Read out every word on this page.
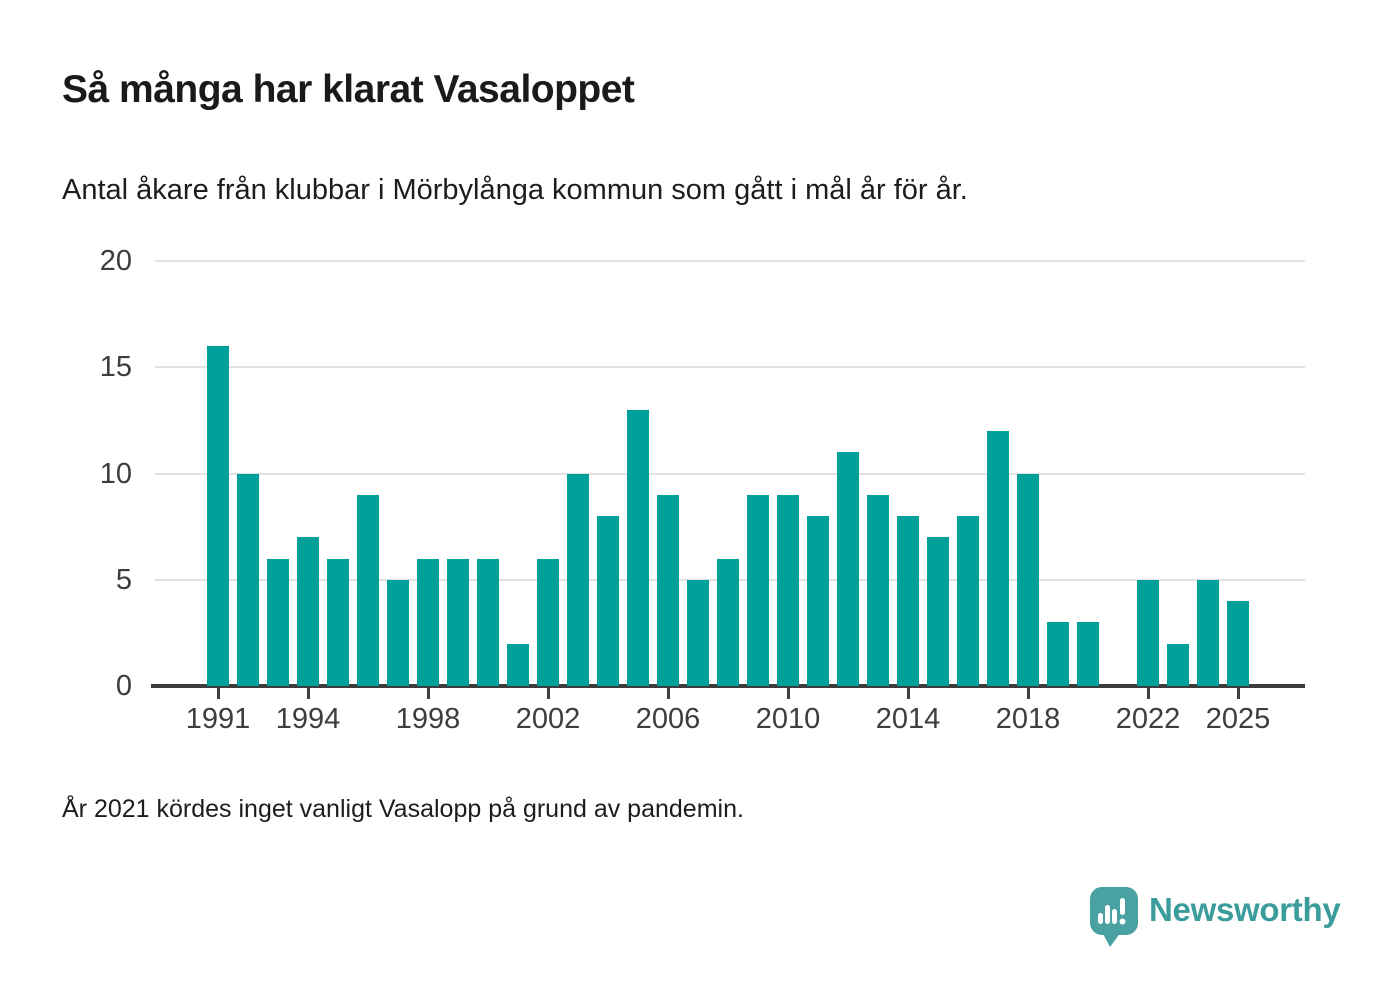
Så många har klarat Vasaloppet
Antal åkare från klubbar i Mörbylånga kommun som gått i mål år för år.
0
5
10
15
20
1991 1994	1998	2002	2006	2010	2014	2018	2022 2025
År 2021 kördes inget vanligt Vasalopp på grund av pandemin.
Newsworthy
